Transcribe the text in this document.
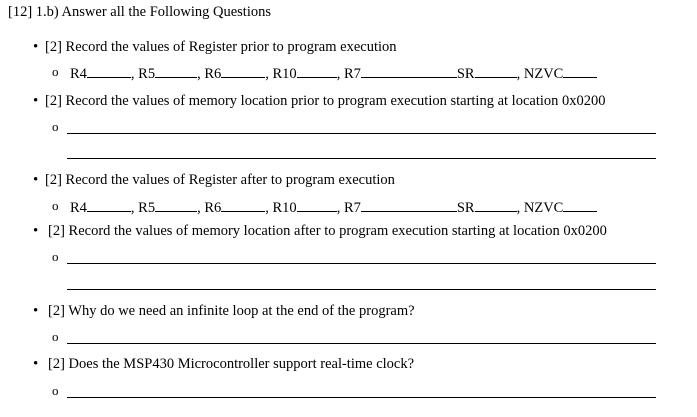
[12] 1.b) Answer all the Following Questions
• [2] Record the values of Register prior to program execution
o R4	, R5	, R6	, R10	, R7	SR	, NZVC
• [2] Record the values of memory location prior to program execution starting at location 0x0200
o
• [2] Record the values of Register after to program execution
o R4	, R5	, R6	, R10	, R7	SR	, NZVC
• [2] Record the values of memory location after to program execution starting at location 0x0200
o
• [2] Why do we need an infinite loop at the end of the program?
o
• [2] Does the MSP430 Microcontroller support real-time clock?
o
